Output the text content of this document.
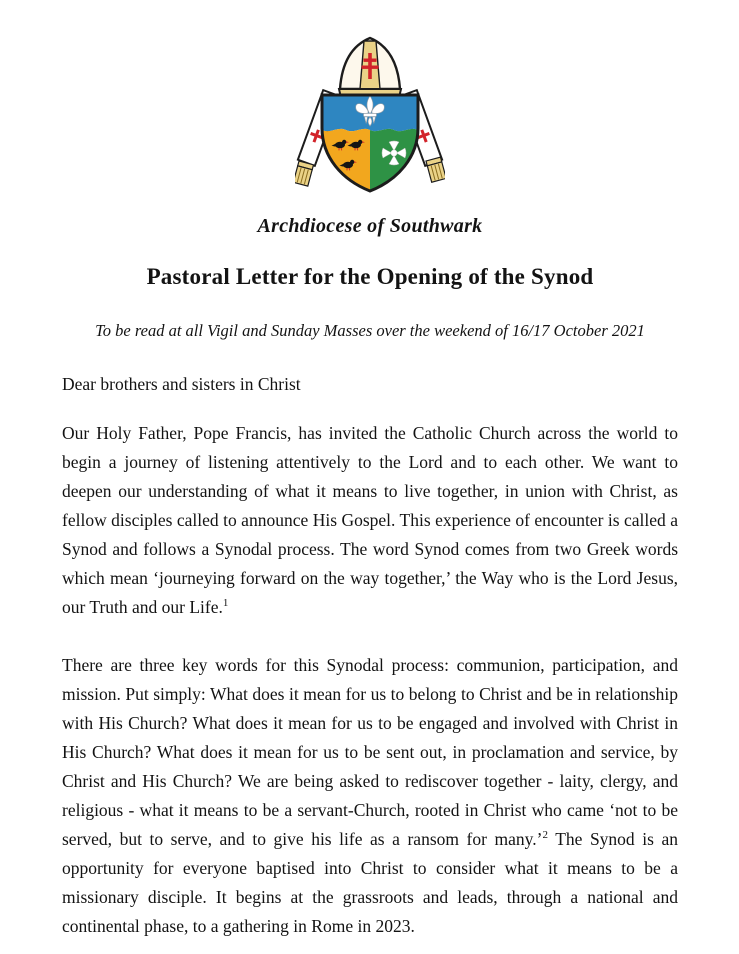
Archdiocese of Southwark
Pastoral Letter for the Opening of the Synod
To be read at all Vigil and Sunday Masses over the weekend of 16/17 October 2021

Dear brothers and sisters in Christ

Our Holy Father, Pope Francis, has invited the Catholic Church across the world to begin a journey of listening attentively to the Lord and to each other. We want to deepen our understanding of what it means to live together, in union with Christ, as fellow disciples called to announce His Gospel. This experience of encounter is called a Synod and follows a Synodal process. The word Synod comes from two Greek words which mean ‘journeying forward on the way together,’ the Way who is the Lord Jesus, our Truth and our Life.$^1$

There are three key words for this Synodal process: communion, participation, and mission. Put simply: What does it mean for us to belong to Christ and be in relationship with His Church? What does it mean for us to be engaged and involved with Christ in His Church? What does it mean for us to be sent out, in proclamation and service, by Christ and His Church? We are being asked to rediscover together - laity, clergy, and religious - what it means to be a servant-Church, rooted in Christ who came ‘not to be served, but to serve, and to give his life as a ransom for many.’$^2$ The Synod is an opportunity for everyone baptised into Christ to consider what it means to be a missionary disciple. It begins at the grassroots and leads, through a national and continental phase, to a gathering in Rome in 2023.
